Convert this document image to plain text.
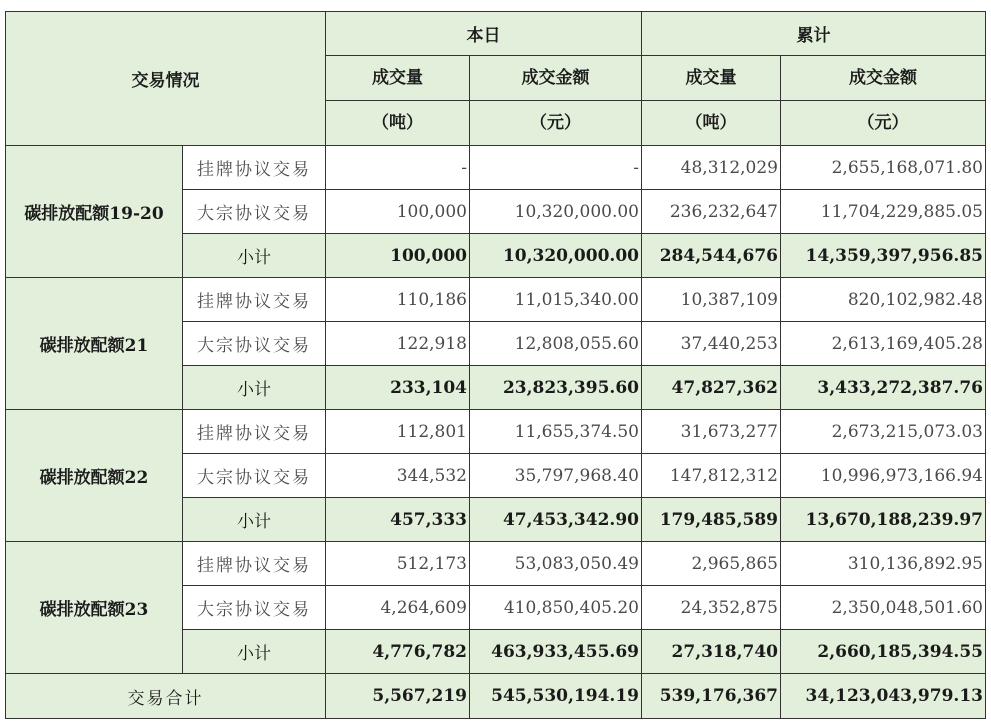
交易情况		本日		累计	
		成交量	成交金额	成交量	成交金额
		（吨）	（元）	（吨）	（元）
碳排放配额19-20	挂牌协议交易	-	-	48,312,029	2,655,168,071.80
	大宗协议交易	100,000	10,320,000.00	236,232,647	11,704,229,885.05
	小计	100,000	10,320,000.00	284,544,676	14,359,397,956.85
碳排放配额21	挂牌协议交易	110,186	11,015,340.00	10,387,109	820,102,982.48
	大宗协议交易	122,918	12,808,055.60	37,440,253	2,613,169,405.28
	小计	233,104	23,823,395.60	47,827,362	3,433,272,387.76
碳排放配额22	挂牌协议交易	112,801	11,655,374.50	31,673,277	2,673,215,073.03
	大宗协议交易	344,532	35,797,968.40	147,812,312	10,996,973,166.94
	小计	457,333	47,453,342.90	179,485,589	13,670,188,239.97
碳排放配额23	挂牌协议交易	512,173	53,083,050.49	2,965,865	310,136,892.95
	大宗协议交易	4,264,609	410,850,405.20	24,352,875	2,350,048,501.60
	小计	4,776,782	463,933,455.69	27,318,740	2,660,185,394.55
交易合计		5,567,219	545,530,194.19	539,176,367	34,123,043,979.13
